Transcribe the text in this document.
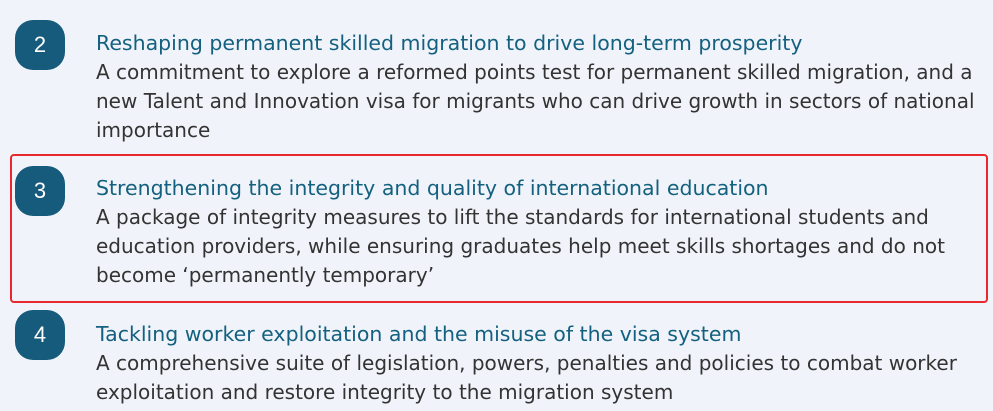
2	Reshaping permanent skilled migration to drive long-term prosperity
A commitment to explore a reformed points test for permanent skilled migration, and a
new Talent and Innovation visa for migrants who can drive growth in sectors of national
importance
3	Strengthening the integrity and quality of international education
A package of integrity measures to lift the standards for international students and
education providers, while ensuring graduates help meet skills shortages and do not
become ‘permanently temporary’
4	Tackling worker exploitation and the misuse of the visa system
A comprehensive suite of legislation, powers, penalties and policies to combat worker
exploitation and restore integrity to the migration system
